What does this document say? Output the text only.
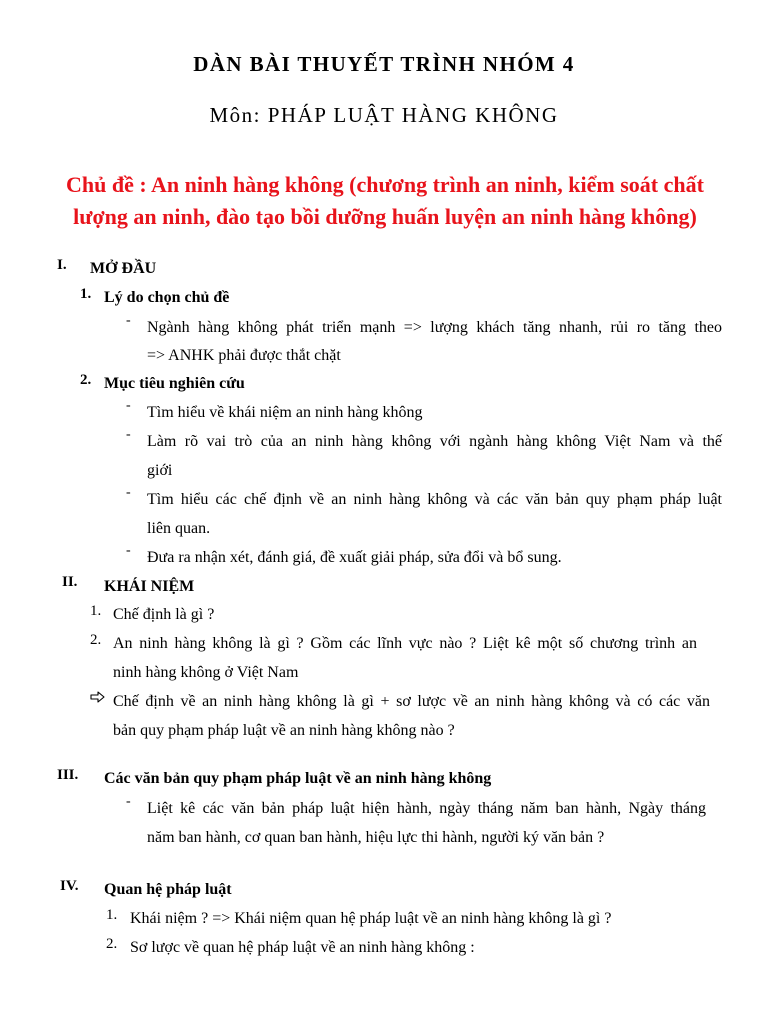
DÀN BÀI THUYẾT TRÌNH NHÓM 4
Môn: PHÁP LUẬT HÀNG KHÔNG
Chủ đề : An ninh hàng không (chương trình an ninh, kiểm soát chất lượng an ninh, đào tạo bồi dưỡng huấn luyện an ninh hàng không)
I. MỞ ĐẦU
1. Lý do chọn chủ đề
- Ngành hàng không phát triển mạnh => lượng khách tăng nhanh, rủi ro tăng theo
=> ANHK phải được thắt chặt
2. Mục tiêu nghiên cứu
- Tìm hiểu về khái niệm an ninh hàng không
- Làm rõ vai trò của an ninh hàng không với ngành hàng không Việt Nam và thế
giới
- Tìm hiểu các chế định về an ninh hàng không và các văn bản quy phạm pháp luật
liên quan.
- Đưa ra nhận xét, đánh giá, đề xuất giải pháp, sửa đổi và bổ sung.
II. KHÁI NIỆM
1. Chế định là gì ?
2. An ninh hàng không là gì ? Gồm các lĩnh vực nào ? Liệt kê một số chương trình an
ninh hàng không ở Việt Nam
Chế định về an ninh hàng không là gì + sơ lược về an ninh hàng không và có các văn
bản quy phạm pháp luật về an ninh hàng không nào ?
III. Các văn bản quy phạm pháp luật về an ninh hàng không
- Liệt kê các văn bản pháp luật hiện hành, ngày tháng năm ban hành, Ngày tháng
năm ban hành, cơ quan ban hành, hiệu lực thi hành, người ký văn bản ?
IV. Quan hệ pháp luật
1. Khái niệm ? => Khái niệm quan hệ pháp luật về an ninh hàng không là gì ?
2. Sơ lược về quan hệ pháp luật về an ninh hàng không :
